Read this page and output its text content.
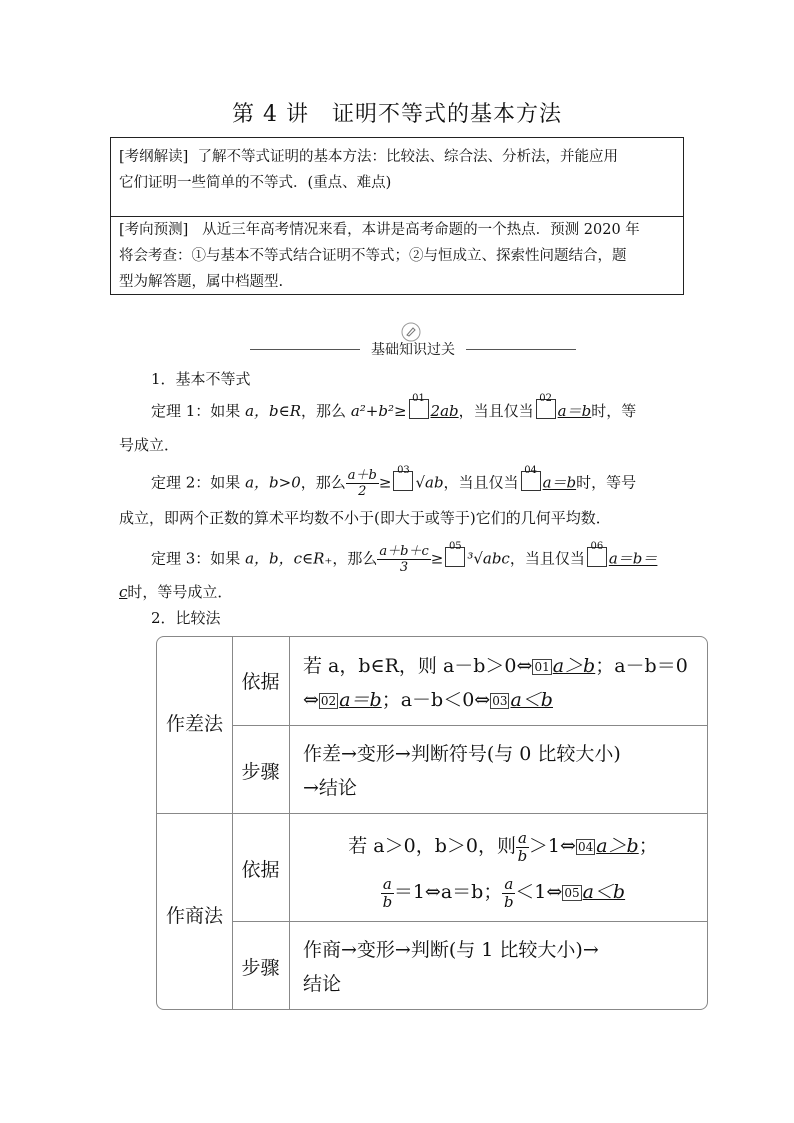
第 4 讲　证明不等式的基本方法
[考纲解读] 了解不等式证明的基本方法：比较法、综合法、分析法，并能应用
它们证明一些简单的不等式．(重点、难点)
[考向预测] 从近三年高考情况来看，本讲是高考命题的一个热点．预测 2020 年
将会考查：①与基本不等式结合证明不等式；②与恒成立、探索性问题结合，题
型为解答题，属中档题型.
基础知识过关
1．基本不等式
定理 1：如果 a，b∈R，那么 a²+b²≥
01
2ab，当且仅当
02
a＝b时，等
号成立．
定理 2：如果 a，b>0，那么 $\frac{a+b}{2}$ ≥
03
√ab，当且仅当
04
a＝b时，等号
成立，即两个正数的算术平均数不小于(即大于或等于)它们的几何平均数．
定理 3：如果 a，b，c∈R₊，那么 $\frac{a+b+c}{3}$ ≥
05
³√abc，当且仅当
06
a＝b＝
c时，等号成立．
2．比较法
作差法
作商法
依据
步骤
依据
步骤
若 a，b∈R，则 a－b＞0⇔ 01 a＞b；a－b＝0
⇔ 02 a＝b；a－b＜0⇔ 03 a＜b
作差→变形→判断符号(与 0 比较大小)
→结论
若 a＞0，b＞0，则 $\frac{a}{b}$ ＞1⇔ 04 a＞b；
$\frac{a}{b}$ ＝1⇔a＝b； $\frac{a}{b}$ ＜1⇔ 05 a＜b
作商→变形→判断(与 1 比较大小)→
结论
